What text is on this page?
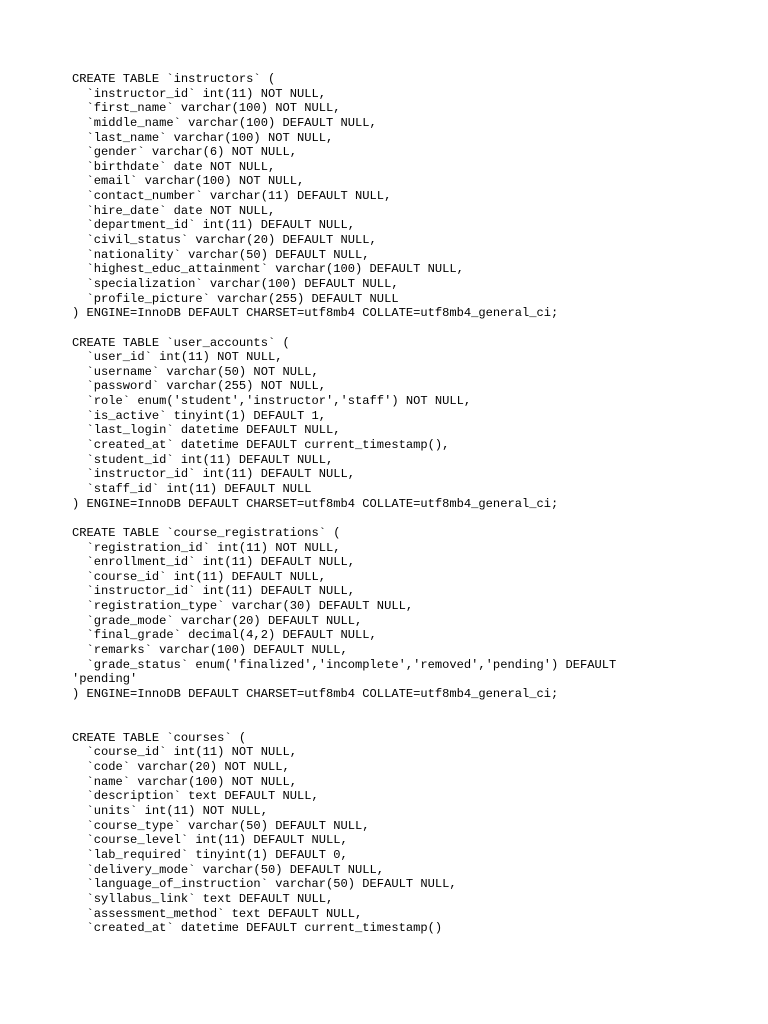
CREATE TABLE `instructors` (
`instructor_id` int(11) NOT NULL,
`first_name` varchar(100) NOT NULL,
`middle_name` varchar(100) DEFAULT NULL,
`last_name` varchar(100) NOT NULL,
`gender` varchar(6) NOT NULL,
`birthdate` date NOT NULL,
`email` varchar(100) NOT NULL,
`contact_number` varchar(11) DEFAULT NULL,
`hire_date` date NOT NULL,
`department_id` int(11) DEFAULT NULL,
`civil_status` varchar(20) DEFAULT NULL,
`nationality` varchar(50) DEFAULT NULL,
`highest_educ_attainment` varchar(100) DEFAULT NULL,
`specialization` varchar(100) DEFAULT NULL,
`profile_picture` varchar(255) DEFAULT NULL
) ENGINE=InnoDB DEFAULT CHARSET=utf8mb4 COLLATE=utf8mb4_general_ci;
CREATE TABLE `user_accounts` (
`user_id` int(11) NOT NULL,
`username` varchar(50) NOT NULL,
`password` varchar(255) NOT NULL,
`role` enum('student','instructor','staff') NOT NULL,
`is_active` tinyint(1) DEFAULT 1,
`last_login` datetime DEFAULT NULL,
`created_at` datetime DEFAULT current_timestamp(),
`student_id` int(11) DEFAULT NULL,
`instructor_id` int(11) DEFAULT NULL,
`staff_id` int(11) DEFAULT NULL
) ENGINE=InnoDB DEFAULT CHARSET=utf8mb4 COLLATE=utf8mb4_general_ci;
CREATE TABLE `course_registrations` (
`registration_id` int(11) NOT NULL,
`enrollment_id` int(11) DEFAULT NULL,
`course_id` int(11) DEFAULT NULL,
`instructor_id` int(11) DEFAULT NULL,
`registration_type` varchar(30) DEFAULT NULL,
`grade_mode` varchar(20) DEFAULT NULL,
`final_grade` decimal(4,2) DEFAULT NULL,
`remarks` varchar(100) DEFAULT NULL,
`grade_status` enum('finalized','incomplete','removed','pending') DEFAULT
'pending'
) ENGINE=InnoDB DEFAULT CHARSET=utf8mb4 COLLATE=utf8mb4_general_ci;
CREATE TABLE `courses` (
`course_id` int(11) NOT NULL,
`code` varchar(20) NOT NULL,
`name` varchar(100) NOT NULL,
`description` text DEFAULT NULL,
`units` int(11) NOT NULL,
`course_type` varchar(50) DEFAULT NULL,
`course_level` int(11) DEFAULT NULL,
`lab_required` tinyint(1) DEFAULT 0,
`delivery_mode` varchar(50) DEFAULT NULL,
`language_of_instruction` varchar(50) DEFAULT NULL,
`syllabus_link` text DEFAULT NULL,
`assessment_method` text DEFAULT NULL,
`created_at` datetime DEFAULT current_timestamp()
